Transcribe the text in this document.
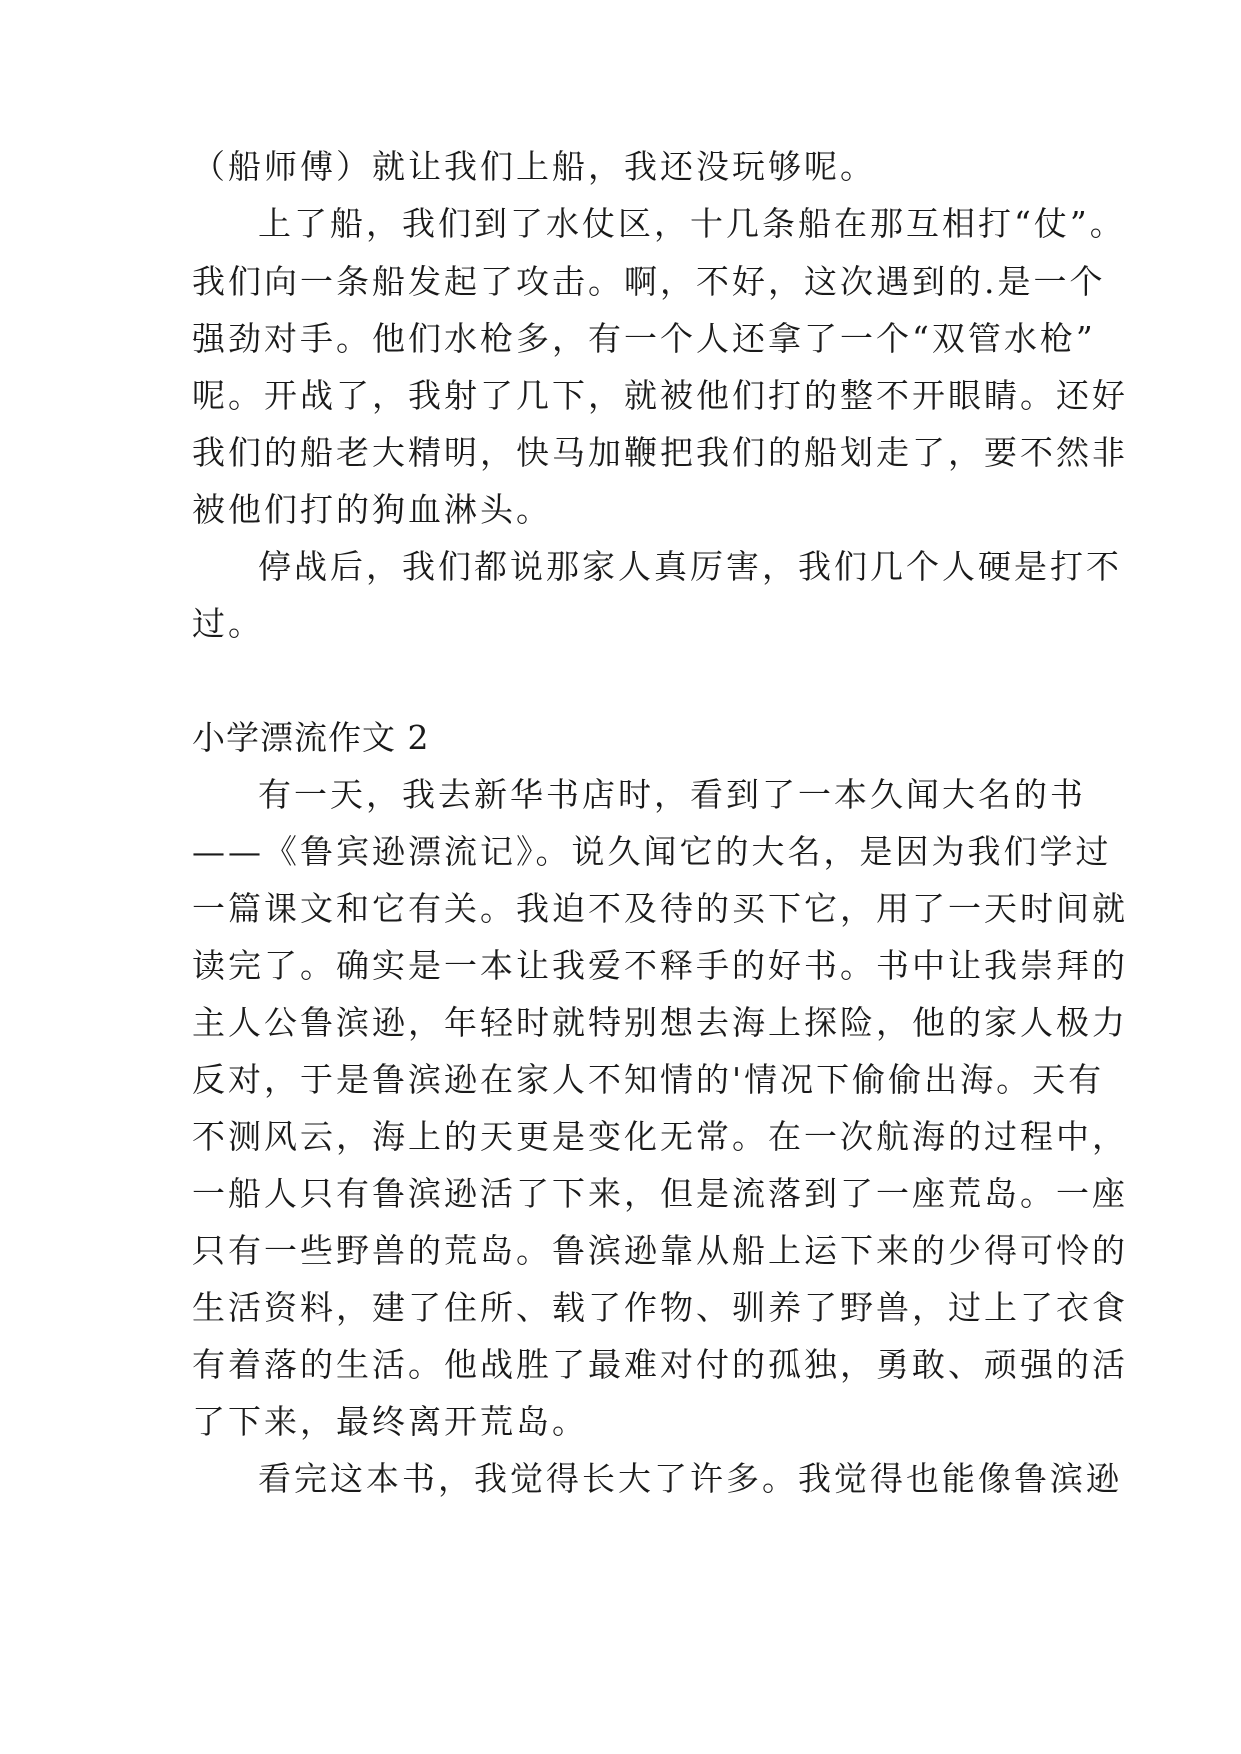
（船师傅）就让我们上船，我还没玩够呢。
上了船，我们到了水仗区，十几条船在那互相打“仗”。
我们向一条船发起了攻击。啊，不好，这次遇到的.是一个
强劲对手。他们水枪多，有一个人还拿了一个“双管水枪”
呢。开战了，我射了几下，就被他们打的整不开眼睛。还好
我们的船老大精明，快马加鞭把我们的船划走了，要不然非
被他们打的狗血淋头。
停战后，我们都说那家人真厉害，我们几个人硬是打不
过。
小学漂流作文 2
有一天，我去新华书店时，看到了一本久闻大名的书
——《鲁宾逊漂流记》。说久闻它的大名，是因为我们学过
一篇课文和它有关。我迫不及待的买下它，用了一天时间就
读完了。确实是一本让我爱不释手的好书。书中让我崇拜的
主人公鲁滨逊，年轻时就特别想去海上探险，他的家人极力
反对，于是鲁滨逊在家人不知情的'情况下偷偷出海。天有
不测风云，海上的天更是变化无常。在一次航海的过程中，
一船人只有鲁滨逊活了下来，但是流落到了一座荒岛。一座
只有一些野兽的荒岛。鲁滨逊靠从船上运下来的少得可怜的
生活资料，建了住所、载了作物、驯养了野兽，过上了衣食
有着落的生活。他战胜了最难对付的孤独，勇敢、顽强的活
了下来，最终离开荒岛。
看完这本书，我觉得长大了许多。我觉得也能像鲁滨逊
